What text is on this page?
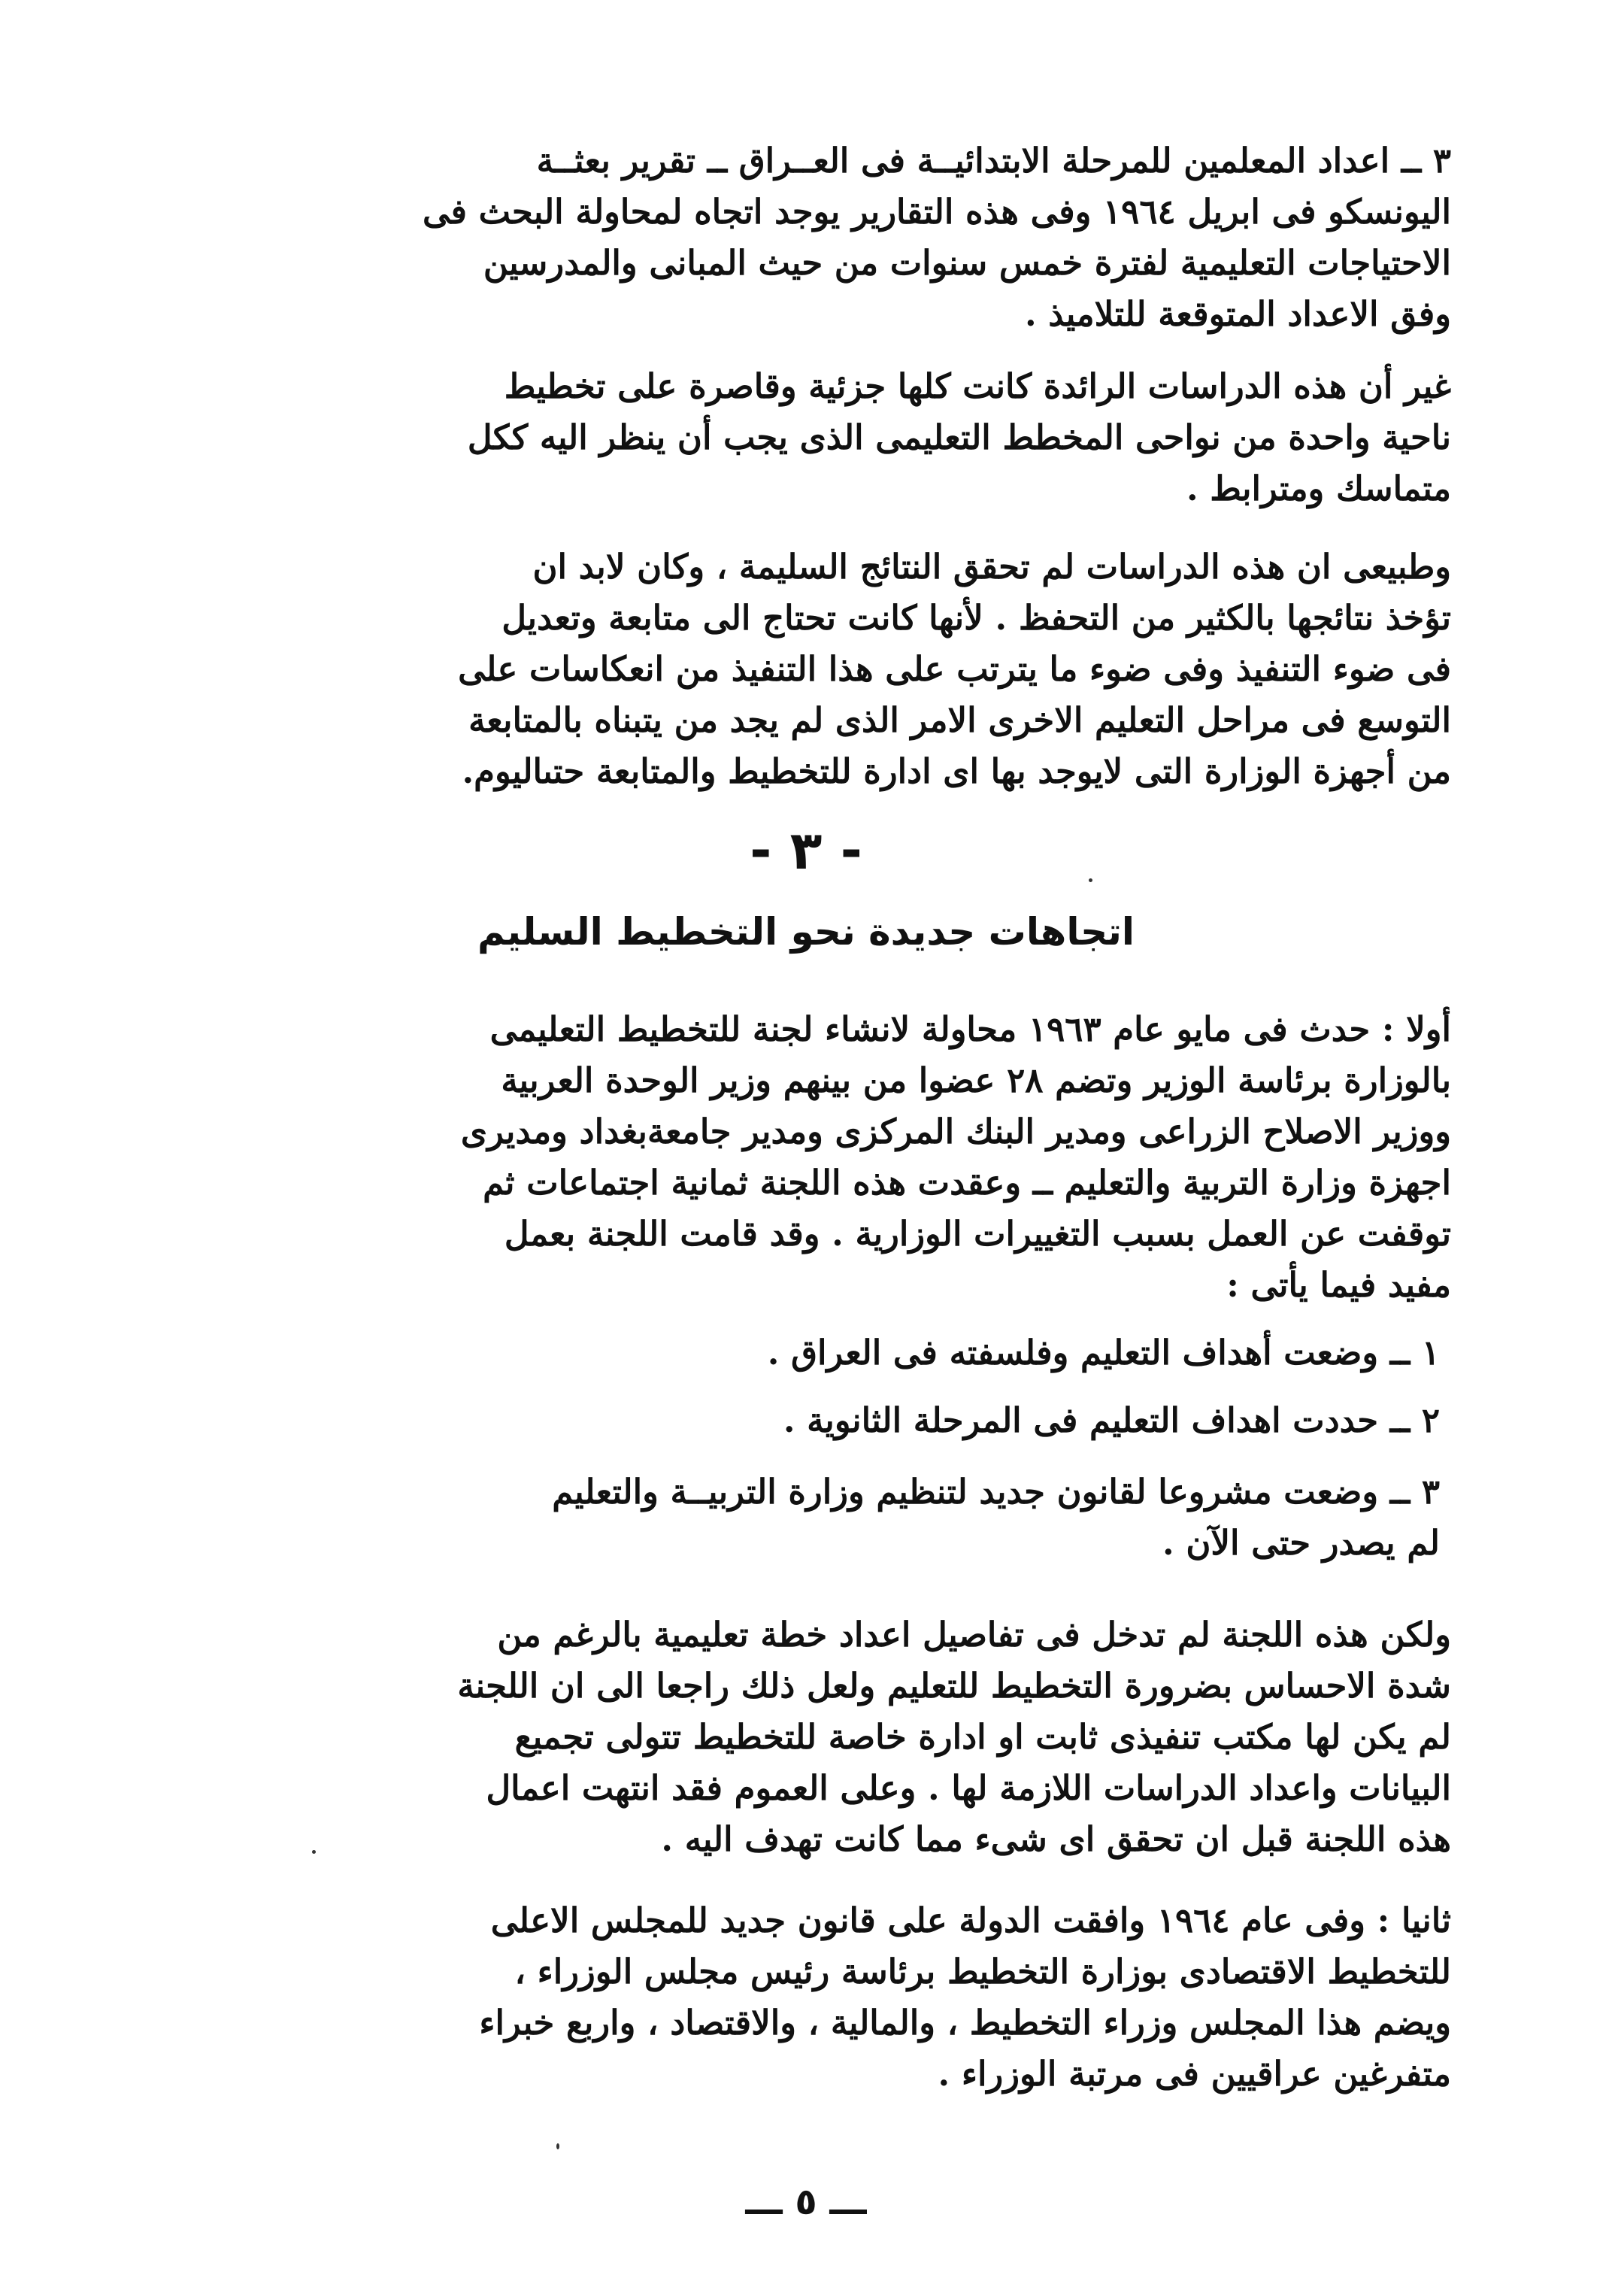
٣ ــ اعداد المعلمين للمرحلة الابتدائيــة فى العــراق ــ تقرير بعثــة
اليونسكو فى ابريل ١٩٦٤ وفى هذه التقارير يوجد اتجاه لمحاولة البحث فى
الاحتياجات التعليمية لفترة خمس سنوات من حيث المبانى والمدرسين
وفق الاعداد المتوقعة للتلاميذ .
غير أن هذه الدراسات الرائدة كانت كلها جزئية وقاصرة على تخطيط
ناحية واحدة من نواحى المخطط التعليمى الذى يجب أن ينظر اليه ككل
متماسك ومترابط .
وطبيعى ان هذه الدراسات لم تحقق النتائج السليمة ، وكان لابد ان
تؤخذ نتائجها بالكثير من التحفظ . لأنها كانت تحتاج الى متابعة وتعديل
فى ضوء التنفيذ وفى ضوء ما يترتب على هذا التنفيذ من انعكاسات على
التوسع فى مراحل التعليم الاخرى الامر الذى لم يجد من يتبناه بالمتابعة
من أجهزة الوزارة التى لايوجد بها اى ادارة للتخطيط والمتابعة حتىاليوم.
- ٣ -
اتجاهات جديدة نحو التخطيط السليم
أولا : حدث فى مايو عام ١٩٦٣ محاولة لانشاء لجنة للتخطيط التعليمى
بالوزارة برئاسة الوزير وتضم ٢٨ عضوا من بينهم وزير الوحدة العربية
ووزير الاصلاح الزراعى ومدير البنك المركزى ومدير جامعةبغداد ومديرى
اجهزة وزارة التربية والتعليم ــ وعقدت هذه اللجنة ثمانية اجتماعات ثم
توقفت عن العمل بسبب التغييرات الوزارية . وقد قامت اللجنة بعمل
مفيد فيما يأتى :
١ ــ وضعت أهداف التعليم وفلسفته فى العراق .
٢ ــ حددت اهداف التعليم فى المرحلة الثانوية .
٣ ــ وضعت مشروعا لقانون جديد لتنظيم وزارة التربيــة والتعليم
لم يصدر حتى الآن .
ولكن هذه اللجنة لم تدخل فى تفاصيل اعداد خطة تعليمية بالرغم من
شدة الاحساس بضرورة التخطيط للتعليم ولعل ذلك راجعا الى ان اللجنة
لم يكن لها مكتب تنفيذى ثابت او ادارة خاصة للتخطيط تتولى تجميع
البيانات واعداد الدراسات اللازمة لها . وعلى العموم فقد انتهت اعمال
هذه اللجنة قبل ان تحقق اى شىء مما كانت تهدف اليه .
ثانيا : وفى عام ١٩٦٤ وافقت الدولة على قانون جديد للمجلس الاعلى
للتخطيط الاقتصادى بوزارة التخطيط برئاسة رئيس مجلس الوزراء ،
ويضم هذا المجلس وزراء التخطيط ، والمالية ، والاقتصاد ، واربع خبراء
متفرغين عراقيين فى مرتبة الوزراء .
ـــ ٥ ـــ
